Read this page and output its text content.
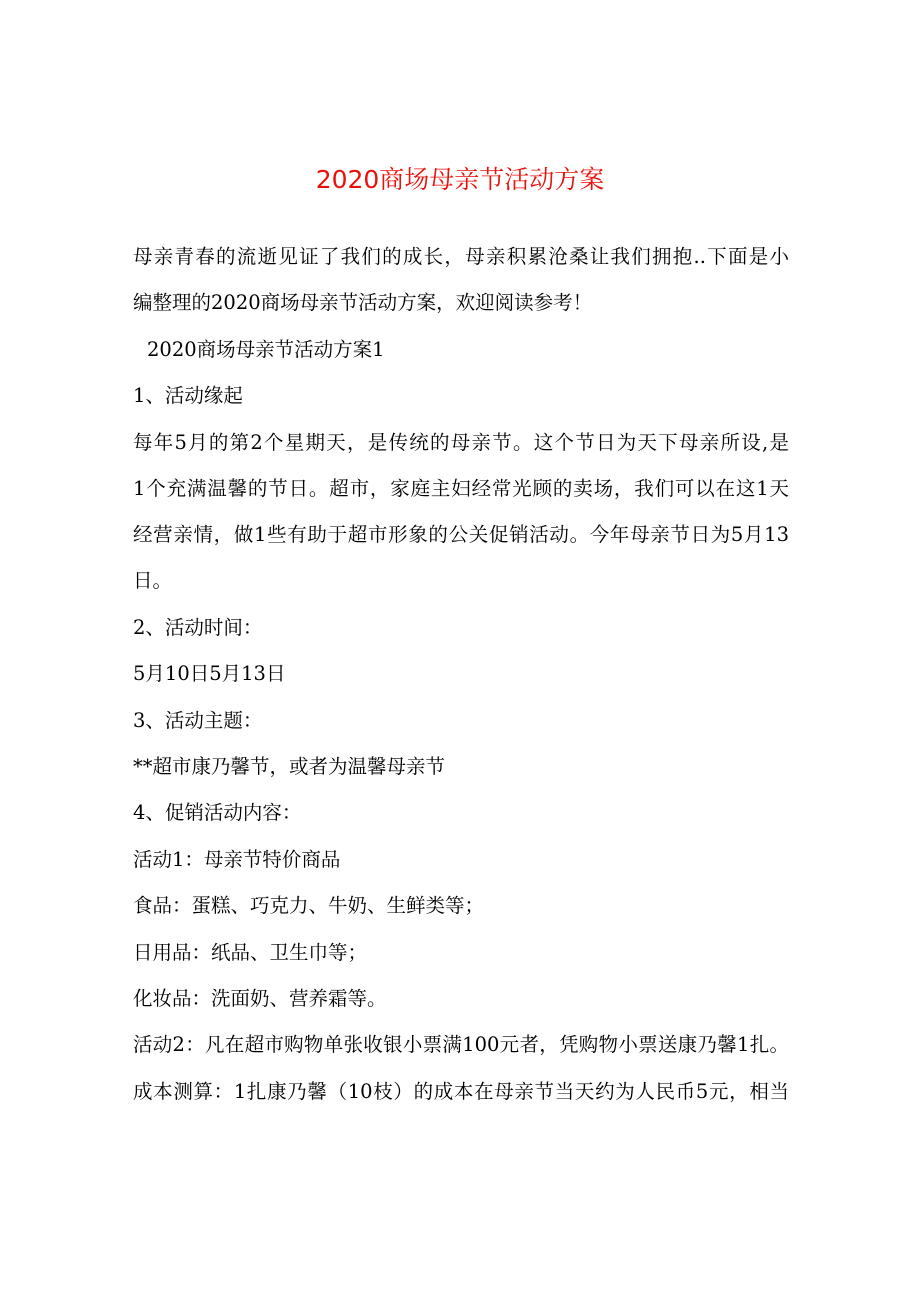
2020商场母亲节活动方案
母亲青春的流逝见证了我们的成长，母亲积累沧桑让我们拥抱..下面是小
编整理的2020商场母亲节活动方案，欢迎阅读参考！
2020商场母亲节活动方案1
1、活动缘起
每年5月的第2个星期天，是传统的母亲节。这个节日为天下母亲所设,是
1个充满温馨的节日。超市，家庭主妇经常光顾的卖场，我们可以在这1天
经营亲情，做1些有助于超市形象的公关促销活动。今年母亲节日为5月13
日。
2、活动时间：
5月10日5月13日
3、活动主题：
**超市康乃馨节，或者为温馨母亲节
4、促销活动内容：
活动1：母亲节特价商品
食品：蛋糕、巧克力、牛奶、生鲜类等；
日用品：纸品、卫生巾等；
化妆品：洗面奶、营养霜等。
活动2：凡在超市购物单张收银小票满100元者，凭购物小票送康乃馨1扎。
成本测算：1扎康乃馨（10枝）的成本在母亲节当天约为人民币5元，相当
